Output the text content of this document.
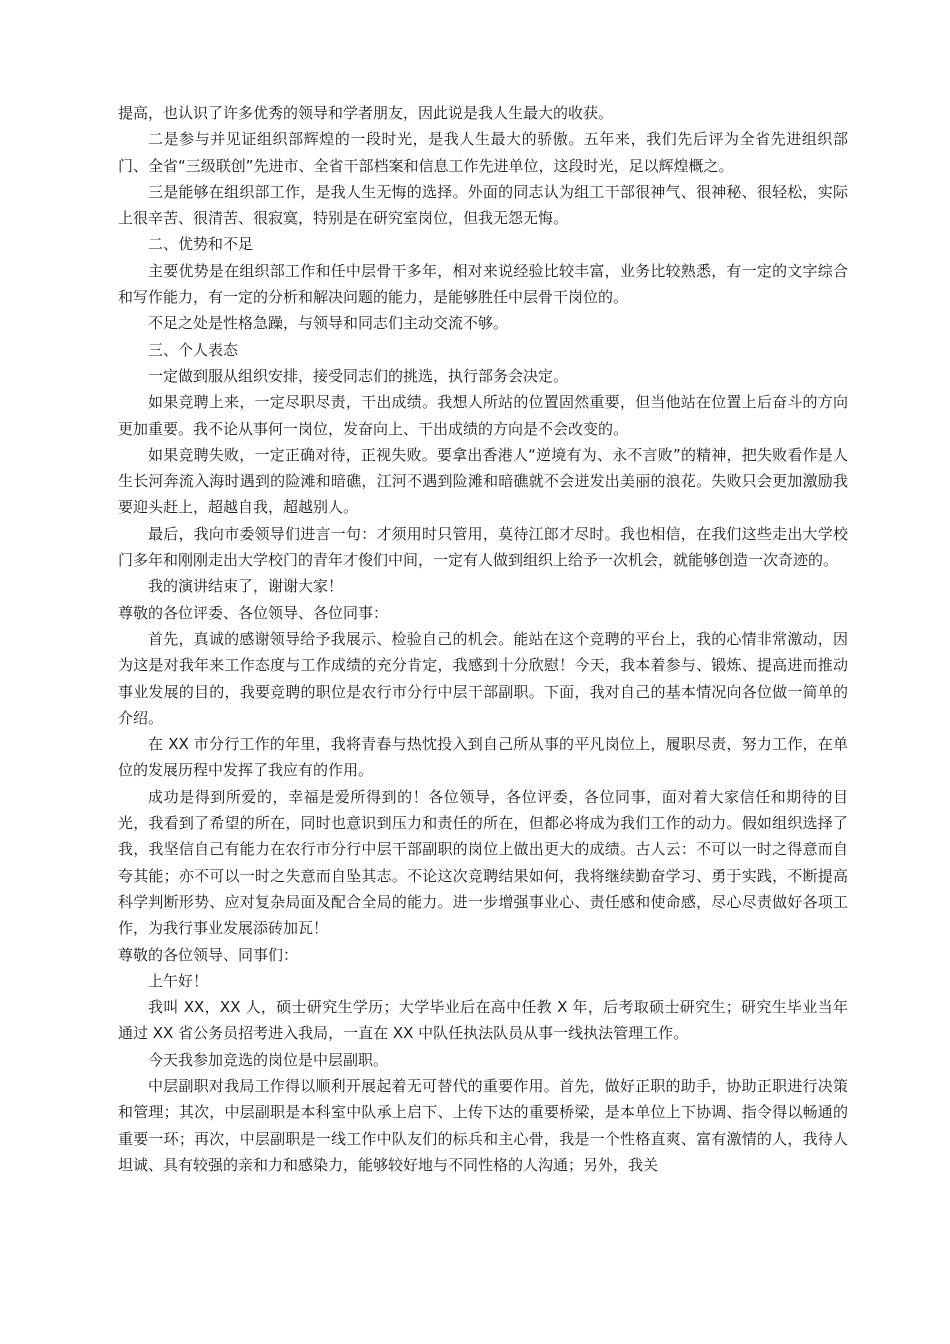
提高，也认识了许多优秀的领导和学者朋友，因此说是我人生最大的收获。

二是参与并见证组织部辉煌的一段时光，是我人生最大的骄傲。五年来，我们先后评为全省先进组织部门、全省“三级联创”先进市、全省干部档案和信息工作先进单位，这段时光，足以辉煌概之。

三是能够在组织部工作，是我人生无悔的选择。外面的同志认为组工干部很神气、很神秘、很轻松，实际上很辛苦、很清苦、很寂寞，特别是在研究室岗位，但我无怨无悔。

二、优势和不足

主要优势是在组织部工作和任中层骨干多年，相对来说经验比较丰富，业务比较熟悉，有一定的文字综合和写作能力，有一定的分析和解决问题的能力，是能够胜任中层骨干岗位的。

不足之处是性格急躁，与领导和同志们主动交流不够。

三、个人表态

一定做到服从组织安排，接受同志们的挑选，执行部务会决定。

如果竞聘上来，一定尽职尽责，干出成绩。我想人所站的位置固然重要，但当他站在位置上后奋斗的方向更加重要。我不论从事何一岗位，发奋向上、干出成绩的方向是不会改变的。

如果竞聘失败，一定正确对待，正视失败。要拿出香港人“逆境有为、永不言败”的精神，把失败看作是人生长河奔流入海时遇到的险滩和暗礁，江河不遇到险滩和暗礁就不会迸发出美丽的浪花。失败只会更加激励我要迎头赶上，超越自我，超越别人。

最后，我向市委领导们进言一句：才须用时只管用，莫待江郎才尽时。我也相信，在我们这些走出大学校门多年和刚刚走出大学校门的青年才俊们中间，一定有人做到组织上给予一次机会，就能够创造一次奇迹的。

我的演讲结束了，谢谢大家！

尊敬的各位评委、各位领导、各位同事：

首先，真诚的感谢领导给予我展示、检验自己的机会。能站在这个竞聘的平台上，我的心情非常激动，因为这是对我年来工作态度与工作成绩的充分肯定，我感到十分欣慰！今天，我本着参与、锻炼、提高进而推动事业发展的目的，我要竞聘的职位是农行市分行中层干部副职。下面，我对自己的基本情况向各位做一简单的介绍。

在 XX 市分行工作的年里，我将青春与热忱投入到自己所从事的平凡岗位上，履职尽责，努力工作，在单位的发展历程中发挥了我应有的作用。

成功是得到所爱的，幸福是爱所得到的！各位领导，各位评委，各位同事，面对着大家信任和期待的目光，我看到了希望的所在，同时也意识到压力和责任的所在，但都必将成为我们工作的动力。假如组织选择了我，我坚信自己有能力在农行市分行中层干部副职的岗位上做出更大的成绩。古人云：不可以一时之得意而自夸其能；亦不可以一时之失意而自坠其志。不论这次竞聘结果如何，我将继续勤奋学习、勇于实践，不断提高科学判断形势、应对复杂局面及配合全局的能力。进一步增强事业心、责任感和使命感，尽心尽责做好各项工作，为我行事业发展添砖加瓦！

尊敬的各位领导、同事们：

上午好！

我叫 XX，XX 人，硕士研究生学历；大学毕业后在高中任教 X 年，后考取硕士研究生；研究生毕业当年通过 XX 省公务员招考进入我局，一直在 XX 中队任执法队员从事一线执法管理工作。

今天我参加竞选的岗位是中层副职。

中层副职对我局工作得以顺利开展起着无可替代的重要作用。首先，做好正职的助手，协助正职进行决策和管理；其次，中层副职是本科室中队承上启下、上传下达的重要桥梁，是本单位上下协调、指令得以畅通的重要一环；再次，中层副职是一线工作中队友们的标兵和主心骨，我是一个性格直爽、富有激情的人，我待人坦诚、具有较强的亲和力和感染力，能够较好地与不同性格的人沟通；另外，我关
